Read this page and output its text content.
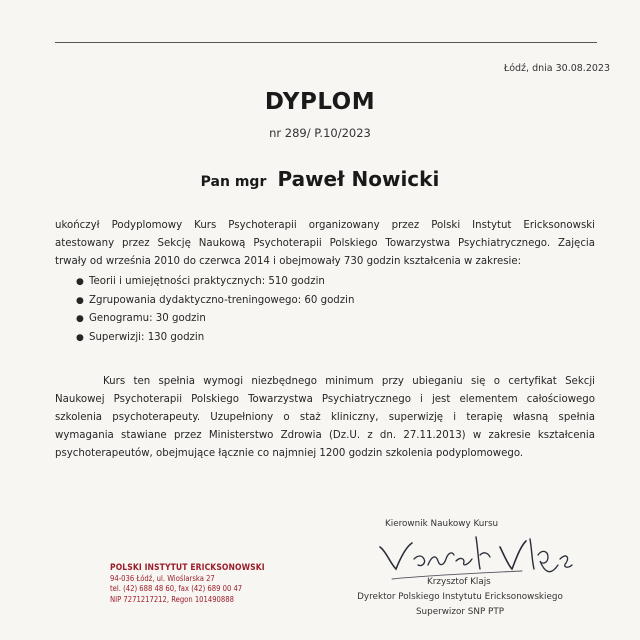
Łódź, dnia 30.08.2023
DYPLOM
nr 289/ P.10/2023
Pan mgr Paweł Nowicki
ukończył Podyplomowy Kurs Psychoterapii organizowany przez Polski Instytut Ericksonowski
atestowany przez Sekcję Naukową Psychoterapii Polskiego Towarzystwa Psychiatrycznego. Zajęcia
trwały od września 2010 do czerwca 2014 i obejmowały 730 godzin kształcenia w zakresie:
● Teorii i umiejętności praktycznych: 510 godzin
● Zgrupowania dydaktyczno-treningowego: 60 godzin
● Genogramu: 30 godzin
● Superwizji: 130 godzin
Kurs ten spełnia wymogi niezbędnego minimum przy ubieganiu się o certyfikat Sekcji
Naukowej Psychoterapii Polskiego Towarzystwa Psychiatrycznego i jest elementem całościowego
szkolenia psychoterapeuty. Uzupełniony o staż kliniczny, superwizję i terapię własną spełnia
wymagania stawiane przez Ministerstwo Zdrowia (Dz.U. z dn. 27.11.2013) w zakresie kształcenia
psychoterapeutów, obejmujące łącznie co najmniej 1200 godzin szkolenia podyplomowego.
POLSKI INSTYTUT ERICKSONOWSKI
94-036 Łódź, ul. Wioślarska 27
tel. (42) 688 48 60, fax (42) 689 00 47
NIP 7271217212, Regon 101490888
Kierownik Naukowy Kursu
Krzysztof Klajs
Dyrektor Polskiego Instytutu Ericksonowskiego
Superwizor SNP PTP
